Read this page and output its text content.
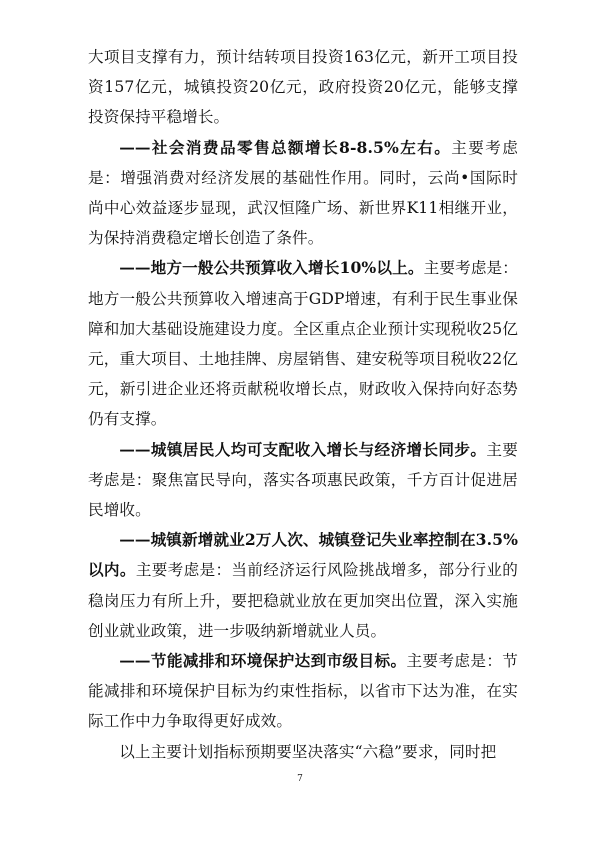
大项目支撑有力，预计结转项目投资163亿元，新开工项目投资157亿元，城镇投资20亿元，政府投资20亿元，能够支撑投资保持平稳增长。

——社会消费品零售总额增长8-8.5%左右。主要考虑是：增强消费对经济发展的基础性作用。同时，云尚•国际时尚中心效益逐步显现，武汉恒隆广场、新世界K11相继开业，为保持消费稳定增长创造了条件。

——地方一般公共预算收入增长10%以上。主要考虑是：地方一般公共预算收入增速高于GDP增速，有利于民生事业保障和加大基础设施建设力度。全区重点企业预计实现税收25亿元，重大项目、土地挂牌、房屋销售、建安税等项目税收22亿元，新引进企业还将贡献税收增长点，财政收入保持向好态势仍有支撑。

——城镇居民人均可支配收入增长与经济增长同步。主要考虑是：聚焦富民导向，落实各项惠民政策，千方百计促进居民增收。

——城镇新增就业2万人次、城镇登记失业率控制在3.5%以内。主要考虑是：当前经济运行风险挑战增多，部分行业的稳岗压力有所上升，要把稳就业放在更加突出位置，深入实施创业就业政策，进一步吸纳新增就业人员。

——节能减排和环境保护达到市级目标。主要考虑是：节能减排和环境保护目标为约束性指标，以省市下达为准，在实际工作中力争取得更好成效。

以上主要计划指标预期要坚决落实“六稳”要求，同时把

7
